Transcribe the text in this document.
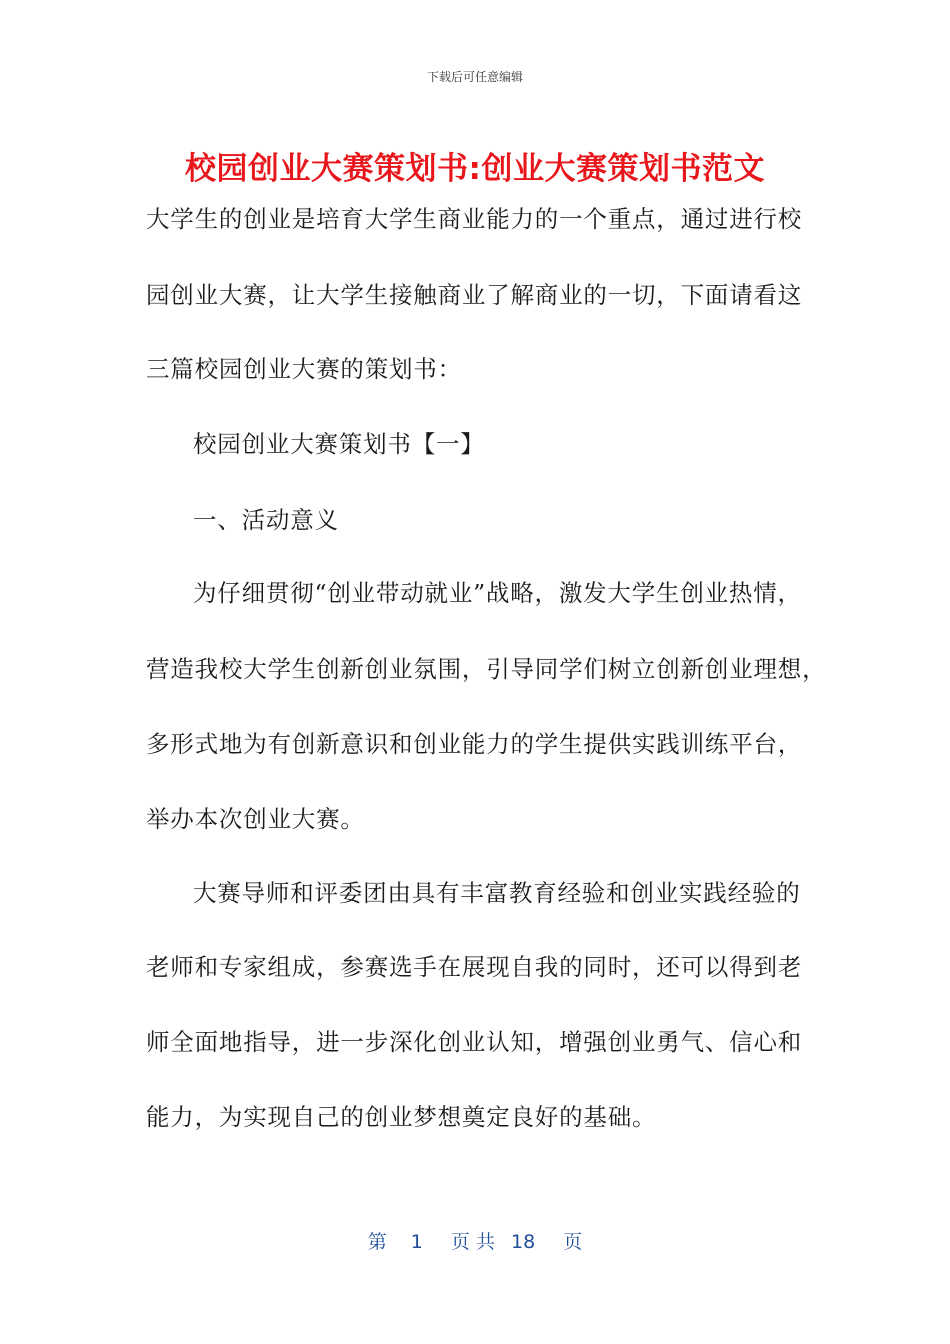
下载后可任意编辑
校园创业大赛策划书:创业大赛策划书范文
大学生的创业是培育大学生商业能力的一个重点，通过进行校
园创业大赛，让大学生接触商业了解商业的一切，下面请看这
三篇校园创业大赛的策划书：
校园创业大赛策划书【一】
一、活动意义
为仔细贯彻“创业带动就业”战略，激发大学生创业热情，
营造我校大学生创新创业氛围，引导同学们树立创新创业理想，
多形式地为有创新意识和创业能力的学生提供实践训练平台，
举办本次创业大赛。
大赛导师和评委团由具有丰富教育经验和创业实践经验的
老师和专家组成，参赛选手在展现自我的同时，还可以得到老
师全面地指导，进一步深化创业认知，增强创业勇气、信心和
能力，为实现自己的创业梦想奠定良好的基础。
第 1 页 共 18 页
